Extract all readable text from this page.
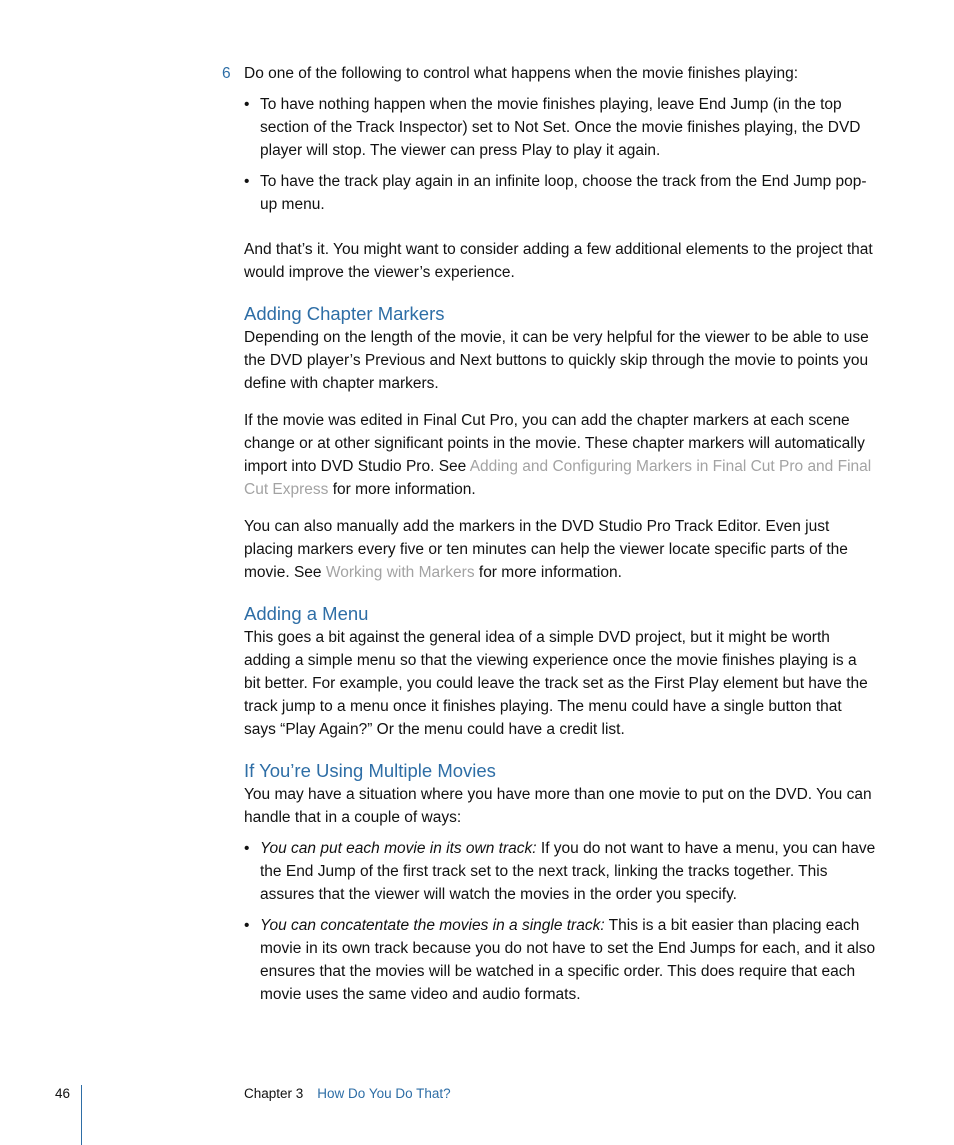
6 Do one of the following to control what happens when the movie finishes playing:

• To have nothing happen when the movie finishes playing, leave End Jump (in the top section of the Track Inspector) set to Not Set. Once the movie finishes playing, the DVD player will stop. The viewer can press Play to play it again.
• To have the track play again in an infinite loop, choose the track from the End Jump pop-up menu.

And that’s it. You might want to consider adding a few additional elements to the project that would improve the viewer’s experience.

Adding Chapter Markers

Depending on the length of the movie, it can be very helpful for the viewer to be able to use the DVD player’s Previous and Next buttons to quickly skip through the movie to points you define with chapter markers.

If the movie was edited in Final Cut Pro, you can add the chapter markers at each scene change or at other significant points in the movie. These chapter markers will automatically import into DVD Studio Pro. See Adding and Configuring Markers in Final Cut Pro and Final Cut Express for more information.

You can also manually add the markers in the DVD Studio Pro Track Editor. Even just placing markers every five or ten minutes can help the viewer locate specific parts of the movie. See Working with Markers for more information.

Adding a Menu

This goes a bit against the general idea of a simple DVD project, but it might be worth adding a simple menu so that the viewing experience once the movie finishes playing is a bit better. For example, you could leave the track set as the First Play element but have the track jump to a menu once it finishes playing. The menu could have a single button that says “Play Again?” Or the menu could have a credit list.

If You’re Using Multiple Movies

You may have a situation where you have more than one movie to put on the DVD. You can handle that in a couple of ways:

• You can put each movie in its own track: If you do not want to have a menu, you can have the End Jump of the first track set to the next track, linking the tracks together. This assures that the viewer will watch the movies in the order you specify.
• You can concatentate the movies in a single track: This is a bit easier than placing each movie in its own track because you do not have to set the End Jumps for each, and it also ensures that the movies will be watched in a specific order. This does require that each movie uses the same video and audio formats.
46	Chapter 3 How Do You Do That?
